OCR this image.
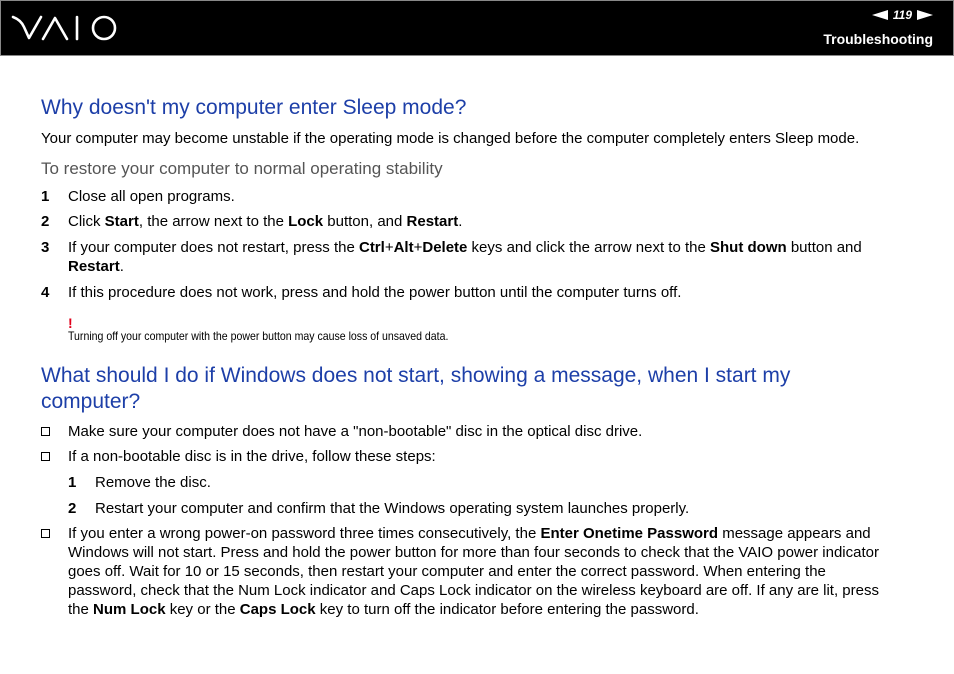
119
Troubleshooting
Why doesn't my computer enter Sleep mode?
Your computer may become unstable if the operating mode is changed before the computer completely enters Sleep mode.
To restore your computer to normal operating stability
1 Close all open programs.
2 Click Start, the arrow next to the Lock button, and Restart.
3 If your computer does not restart, press the Ctrl+Alt+Delete keys and click the arrow next to the Shut down button and
Restart.
4 If this procedure does not work, press and hold the power button until the computer turns off.
!
Turning off your computer with the power button may cause loss of unsaved data.
What should I do if Windows does not start, showing a message, when I start my
computer?
Make sure your computer does not have a "non-bootable" disc in the optical disc drive.
If a non-bootable disc is in the drive, follow these steps:
1 Remove the disc.
2 Restart your computer and confirm that the Windows operating system launches properly.
If you enter a wrong power-on password three times consecutively, the Enter Onetime Password message appears and
Windows will not start. Press and hold the power button for more than four seconds to check that the VAIO power indicator
goes off. Wait for 10 or 15 seconds, then restart your computer and enter the correct password. When entering the
password, check that the Num Lock indicator and Caps Lock indicator on the wireless keyboard are off. If any are lit, press
the Num Lock key or the Caps Lock key to turn off the indicator before entering the password.
